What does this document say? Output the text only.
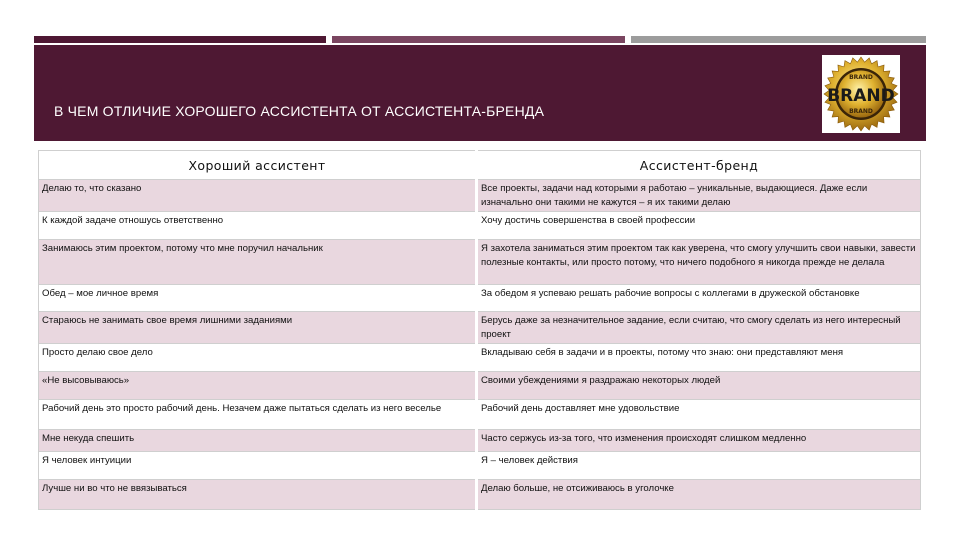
В ЧЕМ ОТЛИЧИЕ ХОРОШЕГО АССИСТЕНТА ОТ АССИСТЕНТА-БРЕНДА
BRAND
BRAND
BRAND
Хороший ассистент	Ассистент-бренд
Делаю то, что сказано	Все проекты, задачи над которыми я работаю – уникальные, выдающиеся. Даже если изначально они такими не кажутся – я их такими делаю
К каждой задаче отношусь ответственно	Хочу достичь совершенства в своей профессии
Занимаюсь этим проектом, потому что мне поручил начальник	Я захотела заниматься этим проектом так как уверена, что смогу улучшить свои навыки, завести полезные контакты, или просто потому, что ничего подобного я никогда прежде не делала
Обед – мое личное время	За обедом я успеваю решать рабочие вопросы с коллегами в дружеской обстановке
Стараюсь не занимать свое время лишними заданиями	Берусь даже за незначительное задание, если считаю, что смогу сделать из него интересный проект
Просто делаю свое дело	Вкладываю себя в задачи и в проекты, потому что знаю: они представляют меня
«Не высовываюсь»	Своими убеждениями я раздражаю некоторых людей
Рабочий день это просто рабочий день. Незачем даже пытаться сделать из него веселье	Рабочий день доставляет мне удовольствие
Мне некуда спешить	Часто сержусь из-за того, что изменения происходят слишком медленно
Я человек интуиции	Я – человек действия
Лучше ни во что не ввязываться	Делаю больше, не отсиживаюсь в уголочке
